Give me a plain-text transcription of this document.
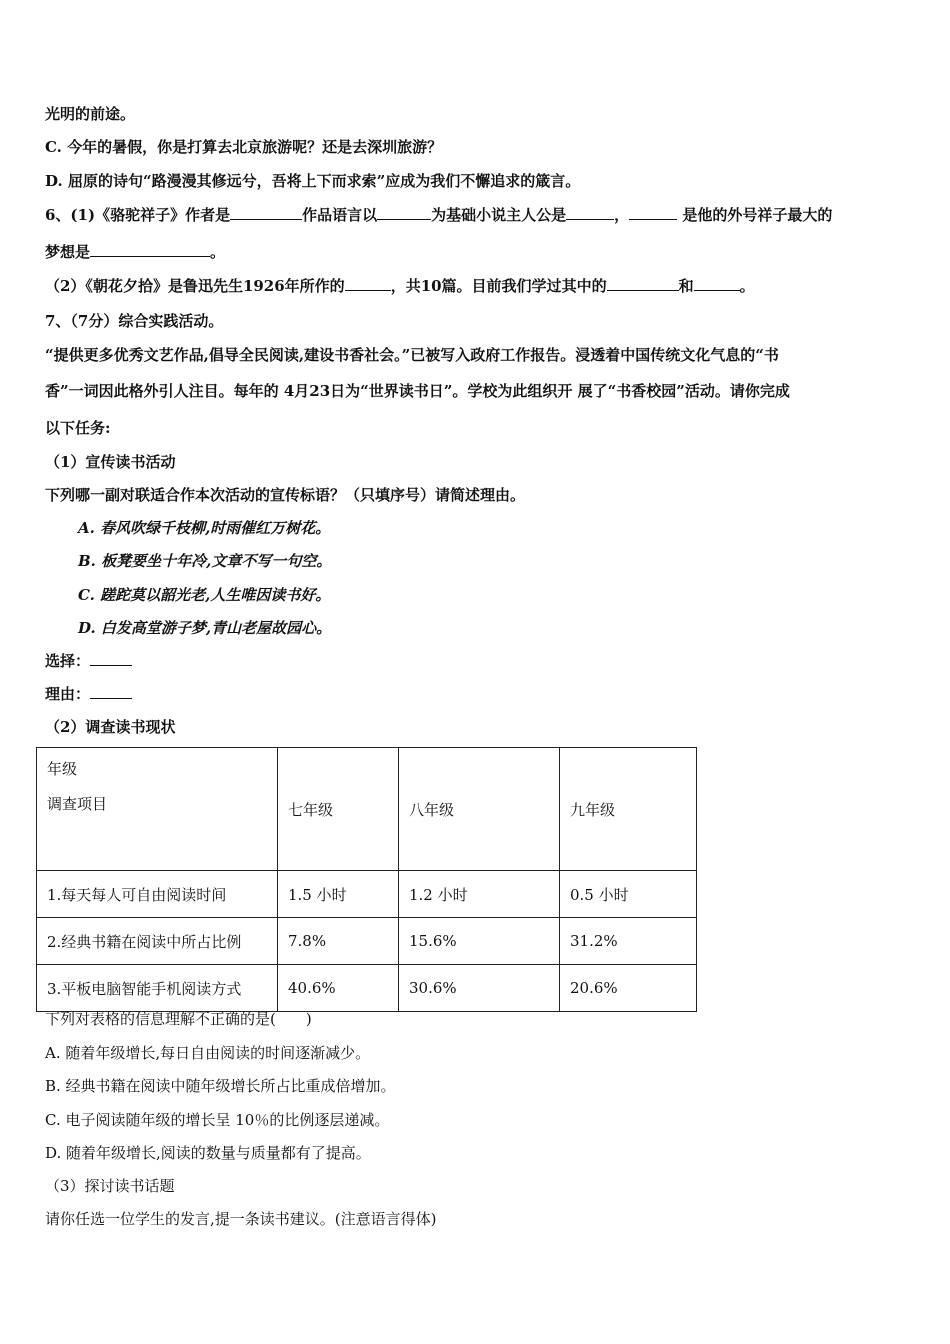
光明的前途。
C. 今年的暑假，你是打算去北京旅游呢？还是去深圳旅游？
D. 屈原的诗句“路漫漫其修远兮，吾将上下而求索”应成为我们不懈追求的箴言。
6、(1)《骆驼祥子》作者是	作品语言以	为基础小说主人公是	，	是他的外号祥子最大的
梦想是	。
（2）《朝花夕拾》是鲁迅先生1926年所作的	，共10篇。目前我们学过其中的	和	。
7、（7分）综合实践活动。
“提供更多优秀文艺作品,倡导全民阅读,建设书香社会。”已被写入政府工作报告。浸透着中国传统文化气息的“书
香”一词因此格外引人注目。每年的 4月23日为“世界读书日”。学校为此组织开 展了“书香校园”活动。请你完成
以下任务:
（1）宣传读书活动
下列哪一副对联适合作本次活动的宣传标语？（只填序号）请简述理由。
A. 春风吹绿千枝柳,时雨催红万树花。
B. 板凳要坐十年冷,文章不写一句空。
C. 蹉跎莫以韶光老,人生唯因读书好。
D. 白发高堂游子梦,青山老屋故园心。
选择：
理由：
（2）调查读书现状
年级
调查项目	七年级	八年级	九年级
1.每天每人可自由阅读时间	1.5 小时	1.2 小时	0.5 小时
2.经典书籍在阅读中所占比例	7.8%	15.6%	31.2%
3.平板电脑智能手机阅读方式	40.6%	30.6%	20.6%
下列对表格的信息理解不正确的是(　　)
A. 随着年级增长,每日自由阅读的时间逐渐减少。
B. 经典书籍在阅读中随年级增长所占比重成倍增加。
C. 电子阅读随年级的增长呈 10％的比例逐层递减。
D. 随着年级增长,阅读的数量与质量都有了提高。
（3）探讨读书话题
请你任选一位学生的发言,提一条读书建议。(注意语言得体)
